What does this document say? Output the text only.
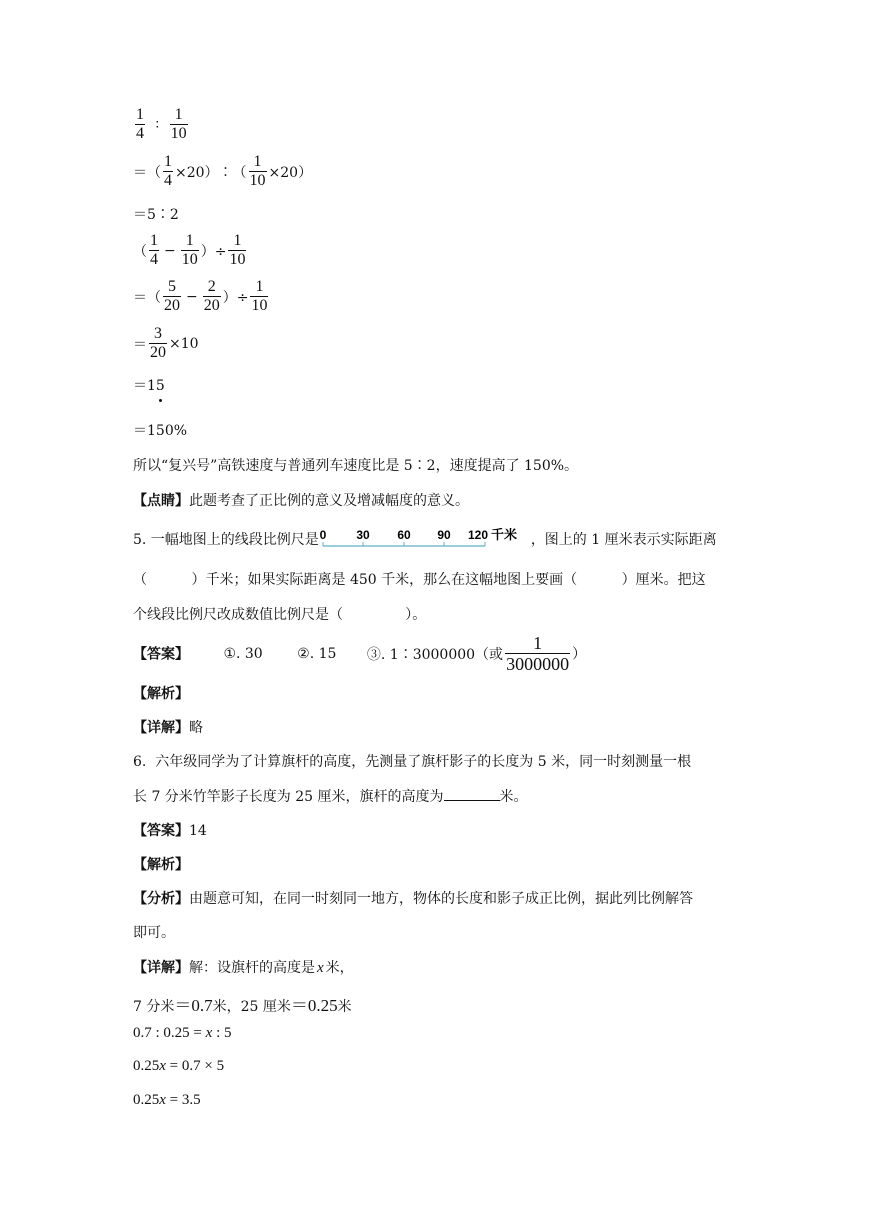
$\frac{1}{4}$ ∶ $\frac{1}{10}$
＝（ $\frac{1}{4}$ ×20）∶（ $\frac{1}{10} \times 20$）
＝5∶2
（ $\frac{1}{4} - \frac{1}{10}$ ）÷ $\frac{1}{10}$
＝（ $\frac{5}{20} - \frac{2}{20}$ ）÷ $\frac{1}{10}$
＝ $\frac{3}{20} \times 10$
＝15
＝150%
所以“复兴号”高铁速度与普通列车速度比是 5∶2，速度提高了 150%。
【点睛】此题考查了正比例的意义及增减幅度的意义。
5. 一幅地图上的线段比例尺是 0 30 60 90 120 千米 ，图上的 1 厘米表示实际距离
（          ）千米；如果实际距离是 450 千米，那么在这幅地图上要画（          ）厘米。把这
个线段比例尺改成数值比例尺是（              ）。
【答案】 ①. 30 ②. 15 ③. 1∶3000000（或 $\frac{1}{3000000}$ ）
【解析】
【详解】略
6.  六年级同学为了计算旗杆的高度，先测量了旗杆影子的长度为 5 米，同一时刻测量一根
长 7 分米竹竿影子长度为 25 厘米，旗杆的高度为	米。
【答案】14
【解析】
【分析】由题意可知，在同一时刻同一地方，物体的长度和影子成正比例，据此列比例解答
即可。
【详解】解：设旗杆的高度是 x 米，
7 分米＝0.7米，25 厘米＝0.25米
0.7 : 0.25 = x : 5
0.25x = 0.7 × 5
0.25x = 3.5
